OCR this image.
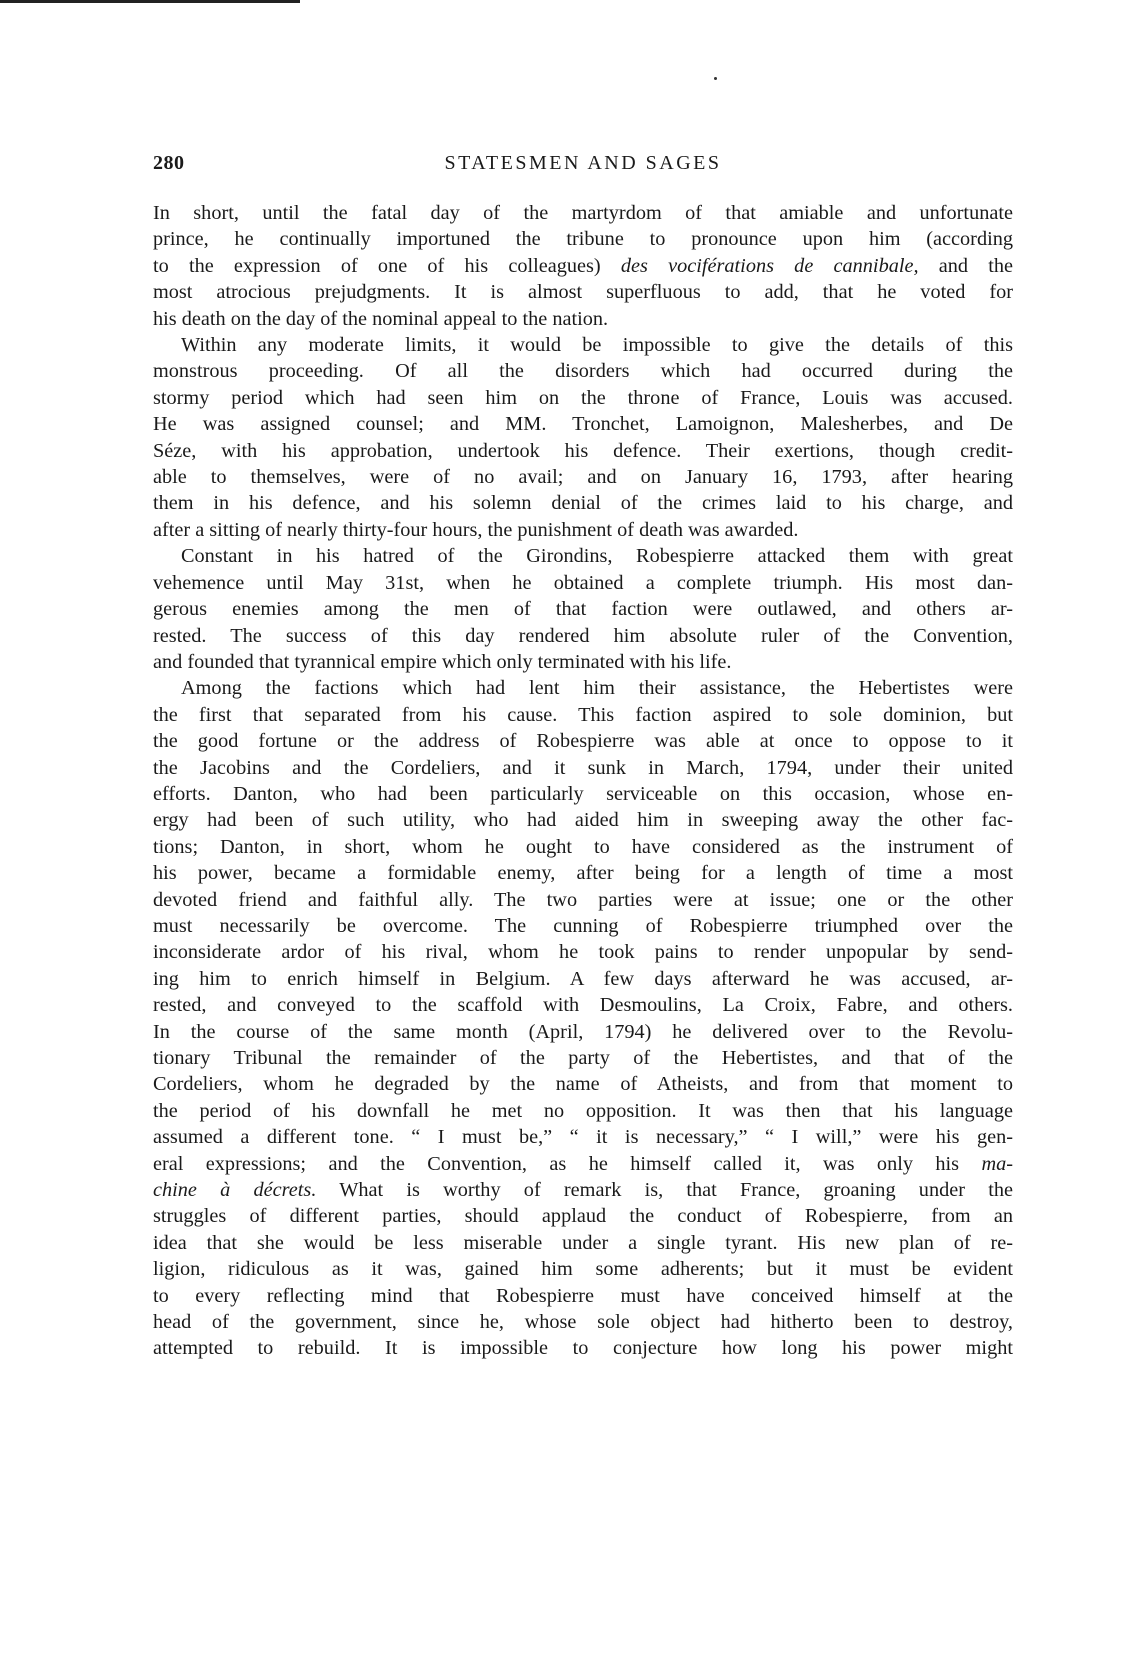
280	STATESMEN AND SAGES

In short, until the fatal day of the martyrdom of that amiable and unfortunate
prince, he continually importuned the tribune to pronounce upon him (according
to the expression of one of his colleagues) des vociférations de cannibale, and the
most atrocious prejudgments. It is almost superfluous to add, that he voted for
his death on the day of the nominal appeal to the nation.

Within any moderate limits, it would be impossible to give the details of this
monstrous proceeding. Of all the disorders which had occurred during the
stormy period which had seen him on the throne of France, Louis was accused.
He was assigned counsel; and MM. Tronchet, Lamoignon, Malesherbes, and De
Séze, with his approbation, undertook his defence. Their exertions, though credit-
able to themselves, were of no avail; and on January 16, 1793, after hearing
them in his defence, and his solemn denial of the crimes laid to his charge, and
after a sitting of nearly thirty-four hours, the punishment of death was awarded.

Constant in his hatred of the Girondins, Robespierre attacked them with great
vehemence until May 31st, when he obtained a complete triumph. His most dan-
gerous enemies among the men of that faction were outlawed, and others ar-
rested. The success of this day rendered him absolute ruler of the Convention,
and founded that tyrannical empire which only terminated with his life.

Among the factions which had lent him their assistance, the Hebertistes were
the first that separated from his cause. This faction aspired to sole dominion, but
the good fortune or the address of Robespierre was able at once to oppose to it
the Jacobins and the Cordeliers, and it sunk in March, 1794, under their united
efforts. Danton, who had been particularly serviceable on this occasion, whose en-
ergy had been of such utility, who had aided him in sweeping away the other fac-
tions; Danton, in short, whom he ought to have considered as the instrument of
his power, became a formidable enemy, after being for a length of time a most
devoted friend and faithful ally. The two parties were at issue; one or the other
must necessarily be overcome. The cunning of Robespierre triumphed over the
inconsiderate ardor of his rival, whom he took pains to render unpopular by send-
ing him to enrich himself in Belgium. A few days afterward he was accused, ar-
rested, and conveyed to the scaffold with Desmoulins, La Croix, Fabre, and others.
In the course of the same month (April, 1794) he delivered over to the Revolu-
tionary Tribunal the remainder of the party of the Hebertistes, and that of the
Cordeliers, whom he degraded by the name of Atheists, and from that moment to
the period of his downfall he met no opposition. It was then that his language
assumed a different tone. “ I must be,” “ it is necessary,” “ I will,” were his gen-
eral expressions; and the Convention, as he himself called it, was only his ma-
chine à décrets. What is worthy of remark is, that France, groaning under the
struggles of different parties, should applaud the conduct of Robespierre, from an
idea that she would be less miserable under a single tyrant. His new plan of re-
ligion, ridiculous as it was, gained him some adherents; but it must be evident
to every reflecting mind that Robespierre must have conceived himself at the
head of the government, since he, whose sole object had hitherto been to destroy,
attempted to rebuild. It is impossible to conjecture how long his power might
